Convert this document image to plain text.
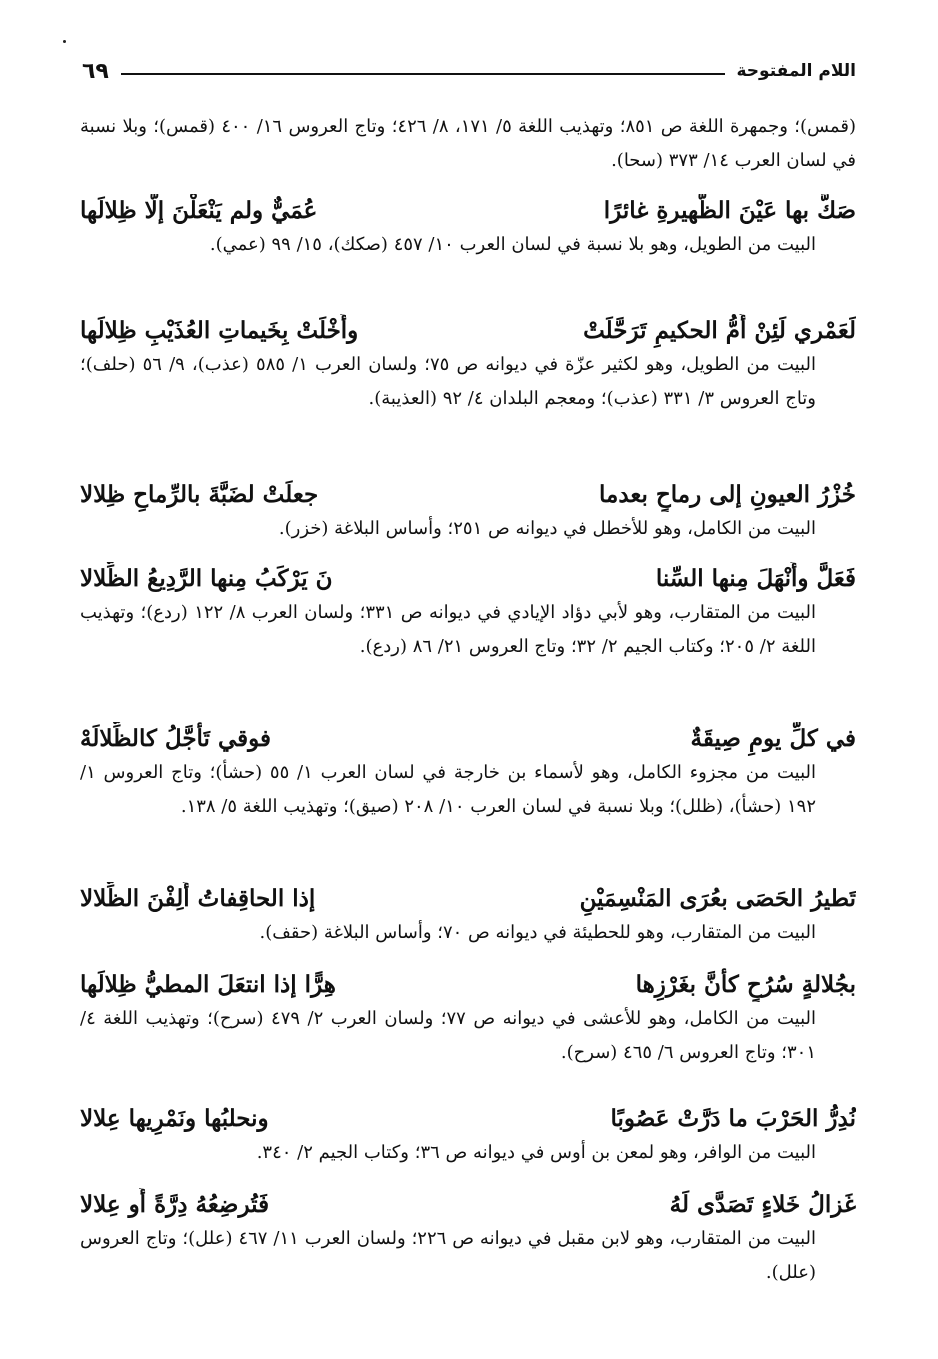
اللام المفتوحة
٦٩
(قمس)؛ وجمهرة اللغة ص ٨٥١؛ وتهذيب اللغة ٥/ ١٧١، ٨/ ٤٢٦؛ وتاج العروس ١٦/ ٤٠٠ (قمس)؛ وبلا نسبة في لسان العرب ١٤/ ٣٧٣ (سحا).
صَكَّ بها عَيْنَ الظَّهيرةِ غائرًا
عُمَيٌّ ولم يَنْعَلْنَ إلَّا ظِلالَها
البيت من الطويل، وهو بلا نسبة في لسان العرب ١٠/ ٤٥٧ (صكك)، ١٥/ ٩٩ (عمي).
لَعَمْري لَئِنْ أُمُّ الحكيمِ تَرَحَّلَتْ
وأَخْلَتْ بِخَيماتِ العُذَيْبِ ظِلالَها
البيت من الطويل، وهو لكثير عزّة في ديوانه ص ٧٥؛ ولسان العرب ١/ ٥٨٥ (عذب)، ٩/ ٥٦ (حلف)؛ وتاج العروس ٣/ ٣٣١ (عذب)؛ ومعجم البلدان ٤/ ٩٢ (العذيبة).
خُزْرُ العيونِ إلى رماحٍ بعدما
جعلَتْ لضَبَّةَ بالرِّماحِ ظِلالا
البيت من الكامل، وهو للأخطل في ديوانه ص ٢٥١؛ وأساس البلاغة (خزر).
فَعَلَّ وأَنْهَلَ مِنها السِّنا
نَ يَرْكَبُ مِنها الرَّدِيعُ الظِّلالا
البيت من المتقارب، وهو لأبي دؤاد الإيادي في ديوانه ص ٣٣١؛ ولسان العرب ٨/ ١٢٢ (ردع)؛ وتهذيب اللغة ٢/ ٢٠٥؛ وكتاب الجيم ٢/ ٣٢؛ وتاج العروس ٢١/ ٨٦ (ردع).
في كلِّ يومِ صِيقَةٌ
فوقي تَأَجَّلُ كالظِّلالَهْ
البيت من مجزوء الكامل، وهو لأسماء بن خارجة في لسان العرب ١/ ٥٥ (حشأ)؛ وتاج العروس ١/ ١٩٢ (حشأ)، (ظلل)؛ وبلا نسبة في لسان العرب ١٠/ ٢٠٨ (صيق)؛ وتهذيب اللغة ٥/ ١٣٨.
تَطيرُ الحَصَى بعُرَى المَنْسِمَيْنِ
إذا الحاقِفاتُ أَلِفْنَ الظِّلالا
البيت من المتقارب، وهو للحطيئة في ديوانه ص ٧٠؛ وأساس البلاغة (حقف).
بجُلالةٍ سُرُحٍ كأَنَّ بغَرْزِها
هِرًّا إذا انتعَلَ المطيُّ ظِلالَها
البيت من الكامل، وهو للأعشى في ديوانه ص ٧٧؛ ولسان العرب ٢/ ٤٧٩ (سرح)؛ وتهذيب اللغة ٤/ ٣٠١؛ وتاج العروس ٦/ ٤٦٥ (سرح).
نُدِرُّ الحَرْبَ ما دَرَّتْ عَصُوبًا
ونحلبُها ونَمْرِيها عِلالا
البيت من الوافر، وهو لمعن بن أوس في ديوانه ص ٣٦؛ وكتاب الجيم ٢/ ٣٤٠.
غَزالُ خَلاءٍ تَصَدَّى لَهُ
فَتُرضِعُهُ دِرَّةً أَو عِلالا
البيت من المتقارب، وهو لابن مقبل في ديوانه ص ٢٢٦؛ ولسان العرب ١١/ ٤٦٧ (علل)؛ وتاج العروس (علل).
